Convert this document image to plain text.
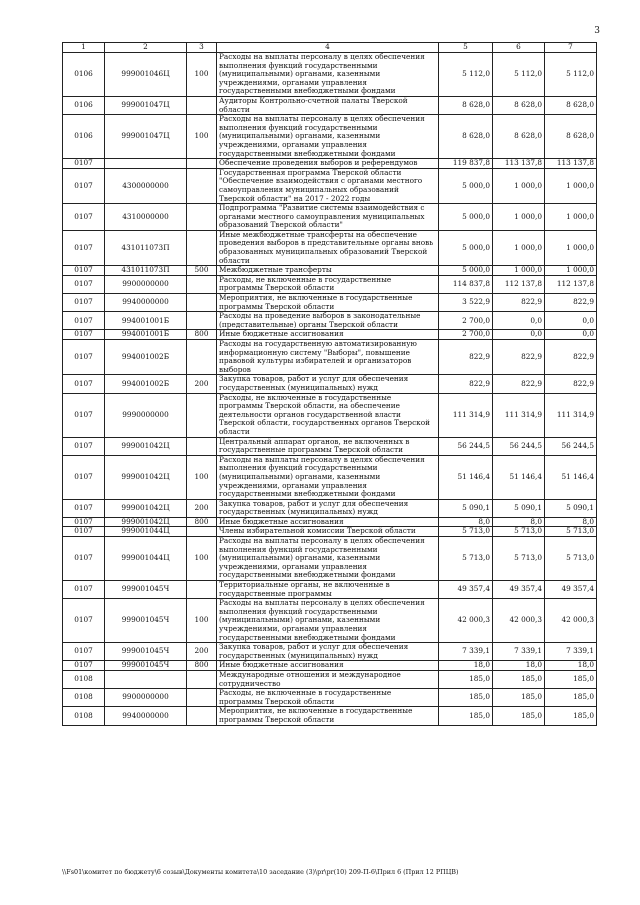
3
1	2	3	4	5	6	7
0106	999001046Ц	100	Расходы на выплаты персоналу в целях обеспечения выполнения функций государственными (муниципальными) органами, казенными учреждениями, органами управления государственными внебюджетными фондами	5 112,0	5 112,0	5 112,0
0106	999001047Ц		Аудиторы Контрольно-счетной палаты Тверской области	8 628,0	8 628,0	8 628,0
0106	999001047Ц	100	Расходы на выплаты персоналу в целях обеспечения выполнения функций государственными (муниципальными) органами, казенными учреждениями, органами управления государственными внебюджетными фондами	8 628,0	8 628,0	8 628,0
0107			Обеспечение проведения выборов и референдумов	119 837,8	113 137,8	113 137,8
0107	4300000000		Государственная программа Тверской области "Обеспечение взаимодействия с органами местного самоуправления муниципальных образований Тверской области" на 2017 - 2022 годы	5 000,0	1 000,0	1 000,0
0107	4310000000		Подпрограмма "Развитие системы взаимодействия с органами местного самоуправления муниципальных образований Тверской области"	5 000,0	1 000,0	1 000,0
0107	431011073П		Иные межбюджетные трансферты на обеспечение проведения выборов в представительные органы вновь образованных муниципальных образований Тверской области	5 000,0	1 000,0	1 000,0
0107	431011073П	500	Межбюджетные трансферты	5 000,0	1 000,0	1 000,0
0107	9900000000		Расходы, не включенные в государственные программы Тверской области	114 837,8	112 137,8	112 137,8
0107	9940000000		Мероприятия, не включенные в государственные программы Тверской области	3 522,9	822,9	822,9
0107	994001001Б		Расходы на проведение выборов в законодательные (представительные) органы Тверской области	2 700,0	0,0	0,0
0107	994001001Б	800	Иные бюджетные ассигнования	2 700,0	0,0	0,0
0107	994001002Б		Расходы на государственную автоматизированную информационную систему "Выборы", повышение правовой культуры избирателей и организаторов выборов	822,9	822,9	822,9
0107	994001002Б	200	Закупка товаров, работ и услуг для обеспечения государственных (муниципальных) нужд	822,9	822,9	822,9
0107	9990000000		Расходы, не включенные в государственные программы Тверской области, на обеспечение деятельности органов государственной власти Тверской области, государственных органов Тверской области	111 314,9	111 314,9	111 314,9
0107	999001042Ц		Центральный аппарат органов, не включенных в государственные программы Тверской области	56 244,5	56 244,5	56 244,5
0107	999001042Ц	100	Расходы на выплаты персоналу в целях обеспечения выполнения функций государственными (муниципальными) органами, казенными учреждениями, органами управления государственными внебюджетными фондами	51 146,4	51 146,4	51 146,4
0107	999001042Ц	200	Закупка товаров, работ и услуг для обеспечения государственных (муниципальных) нужд	5 090,1	5 090,1	5 090,1
0107	999001042Ц	800	Иные бюджетные ассигнования	8,0	8,0	8,0
0107	999001044Ц		Члены избирательной комиссии Тверской области	5 713,0	5 713,0	5 713,0
0107	999001044Ц	100	Расходы на выплаты персоналу в целях обеспечения выполнения функций государственными (муниципальными) органами, казенными учреждениями, органами управления государственными внебюджетными фондами	5 713,0	5 713,0	5 713,0
0107	999001045Ч		Территориальные органы, не включенные в государственные программы	49 357,4	49 357,4	49 357,4
0107	999001045Ч	100	Расходы на выплаты персоналу в целях обеспечения выполнения функций государственными (муниципальными) органами, казенными учреждениями, органами управления государственными внебюджетными фондами	42 000,3	42 000,3	42 000,3
0107	999001045Ч	200	Закупка товаров, работ и услуг для обеспечения государственных (муниципальных) нужд	7 339,1	7 339,1	7 339,1
0107	999001045Ч	800	Иные бюджетные ассигнования	18,0	18,0	18,0
0108			Международные отношения и международное сотрудничество	185,0	185,0	185,0
0108	9900000000		Расходы, не включенные в государственные программы Тверской области	185,0	185,0	185,0
0108	9940000000		Мероприятия, не включенные в государственные программы Тверской области	185,0	185,0	185,0
\\Fs01\комитет по бюджету\6 созыв\Документы комитета\10 заседание (3)\pr\pr(10) 209-П-6\Прил 6 (Прил 12 РПЦВ)
